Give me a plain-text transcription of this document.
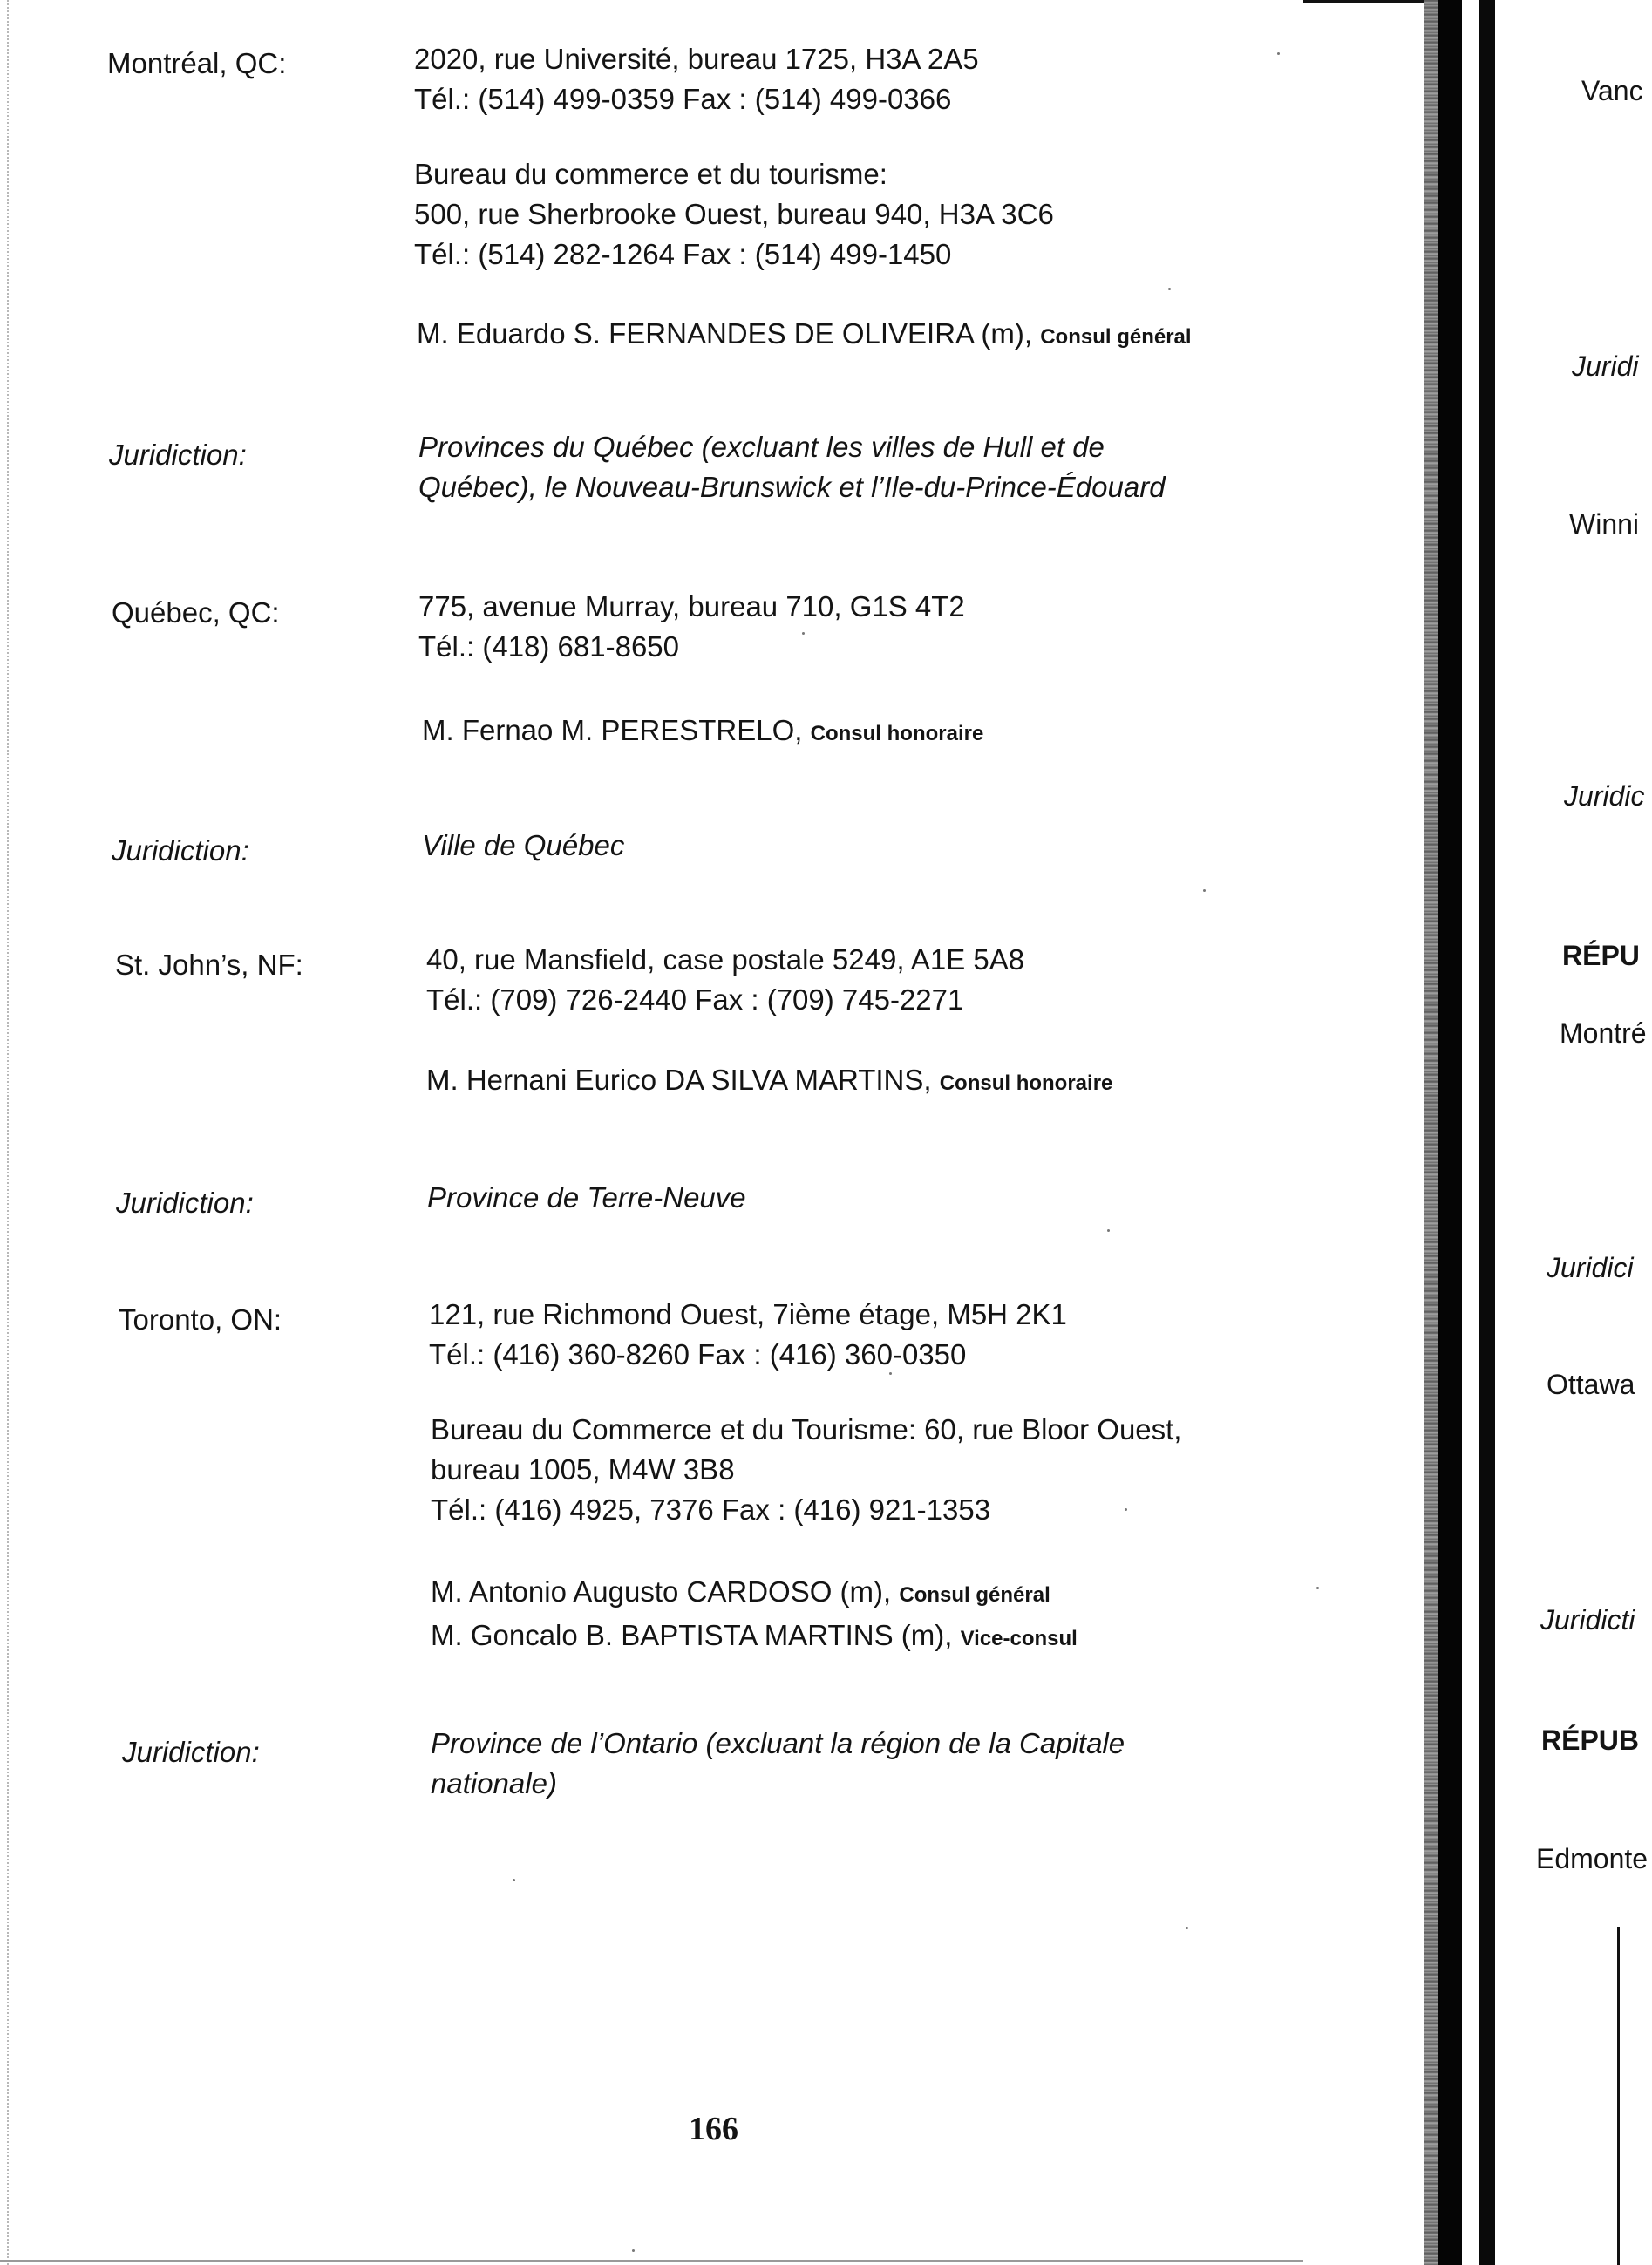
Montréal, QC:	2020, rue Université, bureau 1725, H3A 2A5
Tél.: (514) 499-0359 Fax : (514) 499-0366
Bureau du commerce et du tourisme:
500, rue Sherbrooke Ouest, bureau 940, H3A 3C6
Tél.: (514) 282-1264 Fax : (514) 499-1450
M. Eduardo S. FERNANDES DE OLIVEIRA (m), Consul général
Juridiction:	Provinces du Québec (excluant les villes de Hull et de
Québec), le Nouveau-Brunswick et l’Ile-du-Prince-Édouard
Québec, QC:	775, avenue Murray, bureau 710, G1S 4T2
Tél.: (418) 681-8650
M. Fernao M. PERESTRELO, Consul honoraire
Juridiction:	Ville de Québec
St. John’s, NF:	40, rue Mansfield, case postale 5249, A1E 5A8
Tél.: (709) 726-2440 Fax : (709) 745-2271
M. Hernani Eurico DA SILVA MARTINS, Consul honoraire
Juridiction:	Province de Terre-Neuve
Toronto, ON:	121, rue Richmond Ouest, 7ième étage, M5H 2K1
Tél.: (416) 360-8260 Fax : (416) 360-0350
Bureau du Commerce et du Tourisme: 60, rue Bloor Ouest,
bureau 1005, M4W 3B8
Tél.: (416) 4925, 7376 Fax : (416) 921-1353
M. Antonio Augusto CARDOSO (m), Consul général
M. Goncalo B. BAPTISTA MARTINS (m), Vice-consul
Juridiction:	Province de l’Ontario (excluant la région de la Capitale
nationale)
166
Vanc
Juridi
Winni
Juridic
RÉPU
Montré
Juridici
Ottawa
Juridicti
RÉPUB
Edmonte
